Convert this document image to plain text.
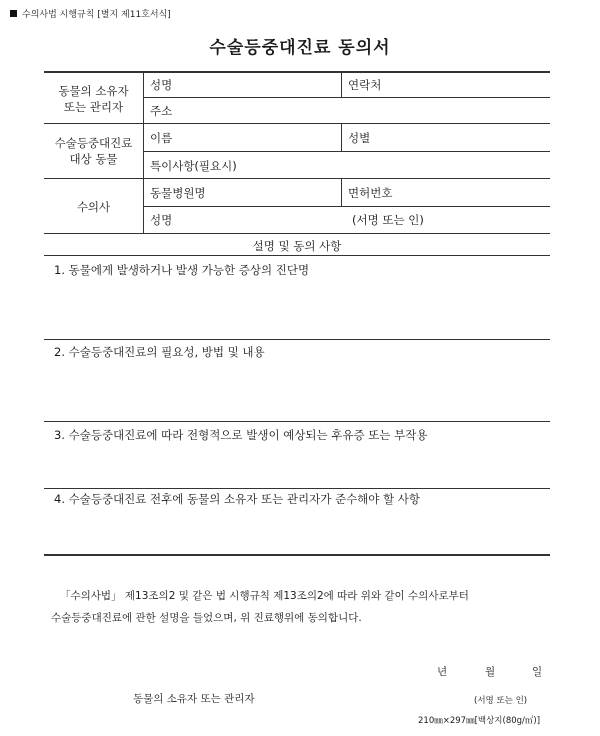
수의사법 시행규칙 [별지 제11호서식]
수술등중대진료 동의서
동물의 소유자
또는 관리자
성명	연락처
주소
수술등중대진료
대상 동물
이름	성별
특이사항(필요시)
수의사
동물병원명	면허번호
성명	(서명 또는 인)
설명 및 동의 사항
1. 동물에게 발생하거나 발생 가능한 증상의 진단명
2. 수술등중대진료의 필요성, 방법 및 내용
3. 수술등중대진료에 따라 전형적으로 발생이 예상되는 후유증 또는 부작용
4. 수술등중대진료 전후에 동물의 소유자 또는 관리자가 준수해야 할 사항
「수의사법」 제13조의2 및 같은 법 시행규칙 제13조의2에 따라 위와 같이 수의사로부터
수술등중대진료에 관한 설명을 들었으며, 위 진료행위에 동의합니다.
년	월	일
동물의 소유자 또는 관리자	(서명 또는 인)
210㎜×297㎜[백상지(80g/㎡)]
